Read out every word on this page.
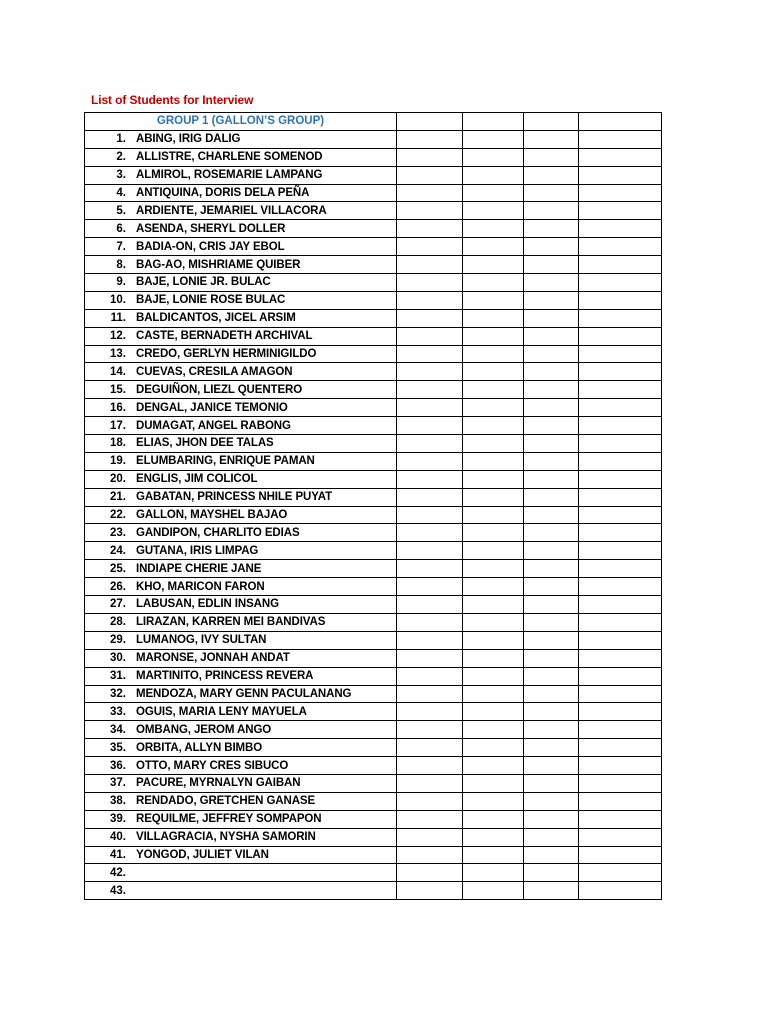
List of Students for Interview
GROUP 1 (GALLON’S GROUP)				
1. ABING, IRIG DALIG				
2. ALLISTRE, CHARLENE SOMENOD				
3. ALMIROL, ROSEMARIE LAMPANG				
4. ANTIQUINA, DORIS DELA PEÑA				
5. ARDIENTE, JEMARIEL VILLACORA				
6. ASENDA, SHERYL DOLLER				
7. BADIA-ON, CRIS JAY EBOL				
8. BAG-AO, MISHRIAME QUIBER				
9. BAJE, LONIE JR. BULAC				
10. BAJE, LONIE ROSE BULAC				
11. BALDICANTOS, JICEL ARSIM				
12. CASTE, BERNADETH ARCHIVAL				
13. CREDO, GERLYN HERMINIGILDO				
14. CUEVAS, CRESILA AMAGON				
15. DEGUIÑON, LIEZL QUENTERO				
16. DENGAL, JANICE TEMONIO				
17. DUMAGAT, ANGEL RABONG				
18. ELIAS, JHON DEE TALAS				
19. ELUMBARING, ENRIQUE PAMAN				
20. ENGLIS, JIM COLICOL				
21. GABATAN, PRINCESS NHILE PUYAT				
22. GALLON, MAYSHEL BAJAO				
23. GANDIPON, CHARLITO EDIAS				
24. GUTANA, IRIS LIMPAG				
25. INDIAPE CHERIE JANE				
26. KHO, MARICON FARON				
27. LABUSAN, EDLIN INSANG				
28. LIRAZAN, KARREN MEI BANDIVAS				
29. LUMANOG, IVY SULTAN				
30. MARONSE, JONNAH ANDAT				
31. MARTINITO, PRINCESS REVERA				
32. MENDOZA, MARY GENN PACULANANG				
33. OGUIS, MARIA LENY MAYUELA				
34. OMBANG, JEROM ANGO				
35. ORBITA, ALLYN BIMBO				
36. OTTO, MARY CRES SIBUCO				
37. PACURE, MYRNALYN GAIBAN				
38. RENDADO, GRETCHEN GANASE				
39. REQUILME, JEFFREY SOMPAPON				
40. VILLAGRACIA, NYSHA SAMORIN				
41. YONGOD, JULIET VILAN				
42.				
43.				
